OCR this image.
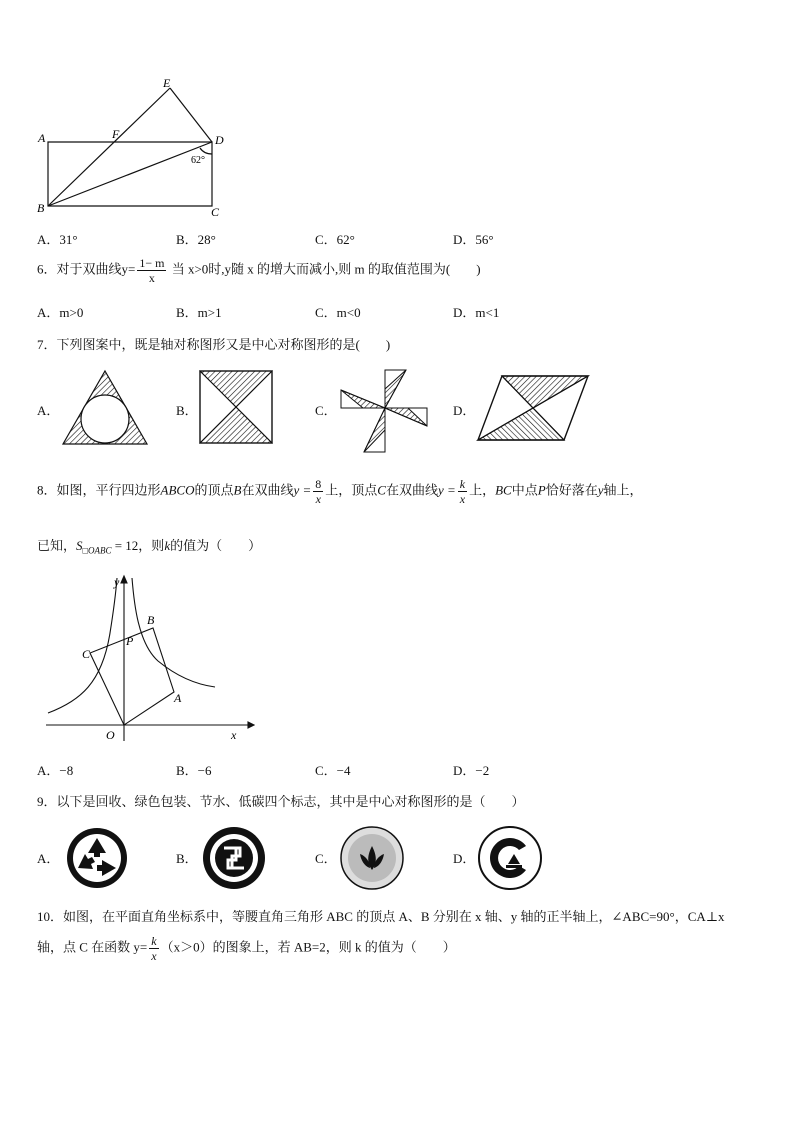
E
A	F	D
B	C
62°
A．31°	B．28°	C．62°	D．56°
6．对于双曲线$y= \frac{1- m}{x}$ 当 x>0时,y随 x 的增大而减小,则 m 的取值范围为(　　)
A．m>0	B．m>1	C．m<0	D．m<1
7．下列图案中，既是轴对称图形又是中心对称图形的是(　　)
A．	B．	C．	D．
8．如图，平行四边形ABCO的顶点B在双曲线$y = \frac{8}{x}$ 上，顶点C在双曲线$y = \frac{k}{x}$ 上，BC中点P恰好落在y轴上，
已知，$S_{□OABC} = 12$，则k的值为（　　）
y
B
P
C
A
O	x
A．−8	B．−6	C．−4	D．−2
9．以下是回收、绿色包装、节水、低碳四个标志，其中是中心对称图形的是（　　）
A．	B．	C．	D．
10．如图，在平面直角坐标系中，等腰直角三角形 ABC 的顶点 A、B 分别在 x 轴、y 轴的正半轴上，∠ABC=90°，CA⊥x
轴，点 C 在函数 $y= \frac{k}{x} (x>0)$的图象上，若 AB=2，则 k 的值为（　　）
